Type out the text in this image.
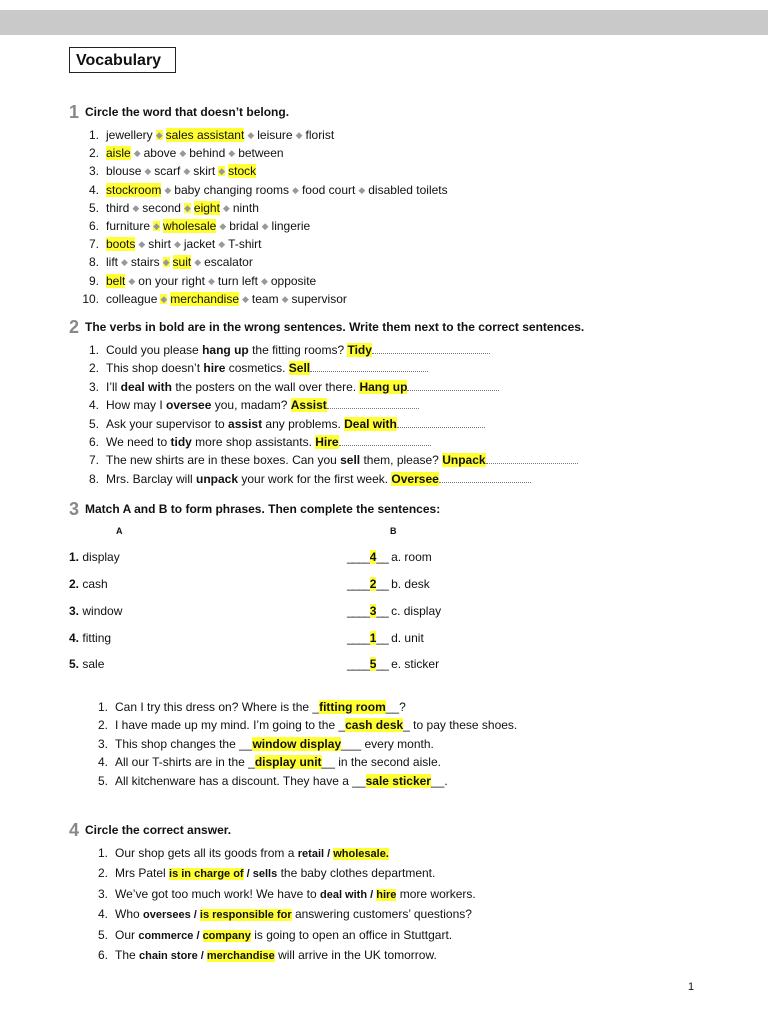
Vocabulary
1 Circle the word that doesn’t belong.
1. jewellery ◆ sales assistant ◆ leisure ◆ florist
2. aisle ◆ above ◆ behind ◆ between
3. blouse ◆ scarf ◆ skirt ◆ stock
4. stockroom ◆ baby changing rooms ◆ food court ◆ disabled toilets
5. third ◆ second ◆ eight ◆ ninth
6. furniture ◆ wholesale ◆ bridal ◆ lingerie
7. boots ◆ shirt ◆ jacket ◆ T-shirt
8. lift ◆ stairs ◆ suit ◆ escalator
9. belt ◆ on your right ◆ turn left ◆ opposite
10. colleague ◆ merchandise ◆ team ◆ supervisor
2 The verbs in bold are in the wrong sentences. Write them next to the correct sentences.
1. Could you please hang up the fitting rooms? Tidy
2. This shop doesn’t hire cosmetics. Sell
3. I’ll deal with the posters on the wall over there. Hang up
4. How may I oversee you, madam? Assist
5. Ask your supervisor to assist any problems. Deal with
6. We need to tidy more shop assistants. Hire
7. The new shirts are in these boxes. Can you sell them, please? Unpack
8. Mrs. Barclay will unpack your work for the first week. Oversee
3 Match A and B to form phrases. Then complete the sentences:
A	B
1. display
2. cash
3. window
4. fitting
5. sale
____4__ a. room
____2__ b. desk
____3__ c. display
____1__ d. unit
____5__ e. sticker
1. Can I try this dress on? Where is the _fitting room__?
2. I have made up my mind. I’m going to the _cash desk_ to pay these shoes.
3. This shop changes the __window display___ every month.
4. All our T-shirts are in the _display unit__ in the second aisle.
5. All kitchenware has a discount. They have a __sale sticker__.
4 Circle the correct answer.
1. Our shop gets all its goods from a retail / wholesale.
2. Mrs Patel is in charge of / sells the baby clothes department.
3. We’ve got too much work! We have to deal with / hire more workers.
4. Who oversees / is responsible for answering customers’ questions?
5. Our commerce / company is going to open an office in Stuttgart.
6. The chain store / merchandise will arrive in the UK tomorrow.
1
